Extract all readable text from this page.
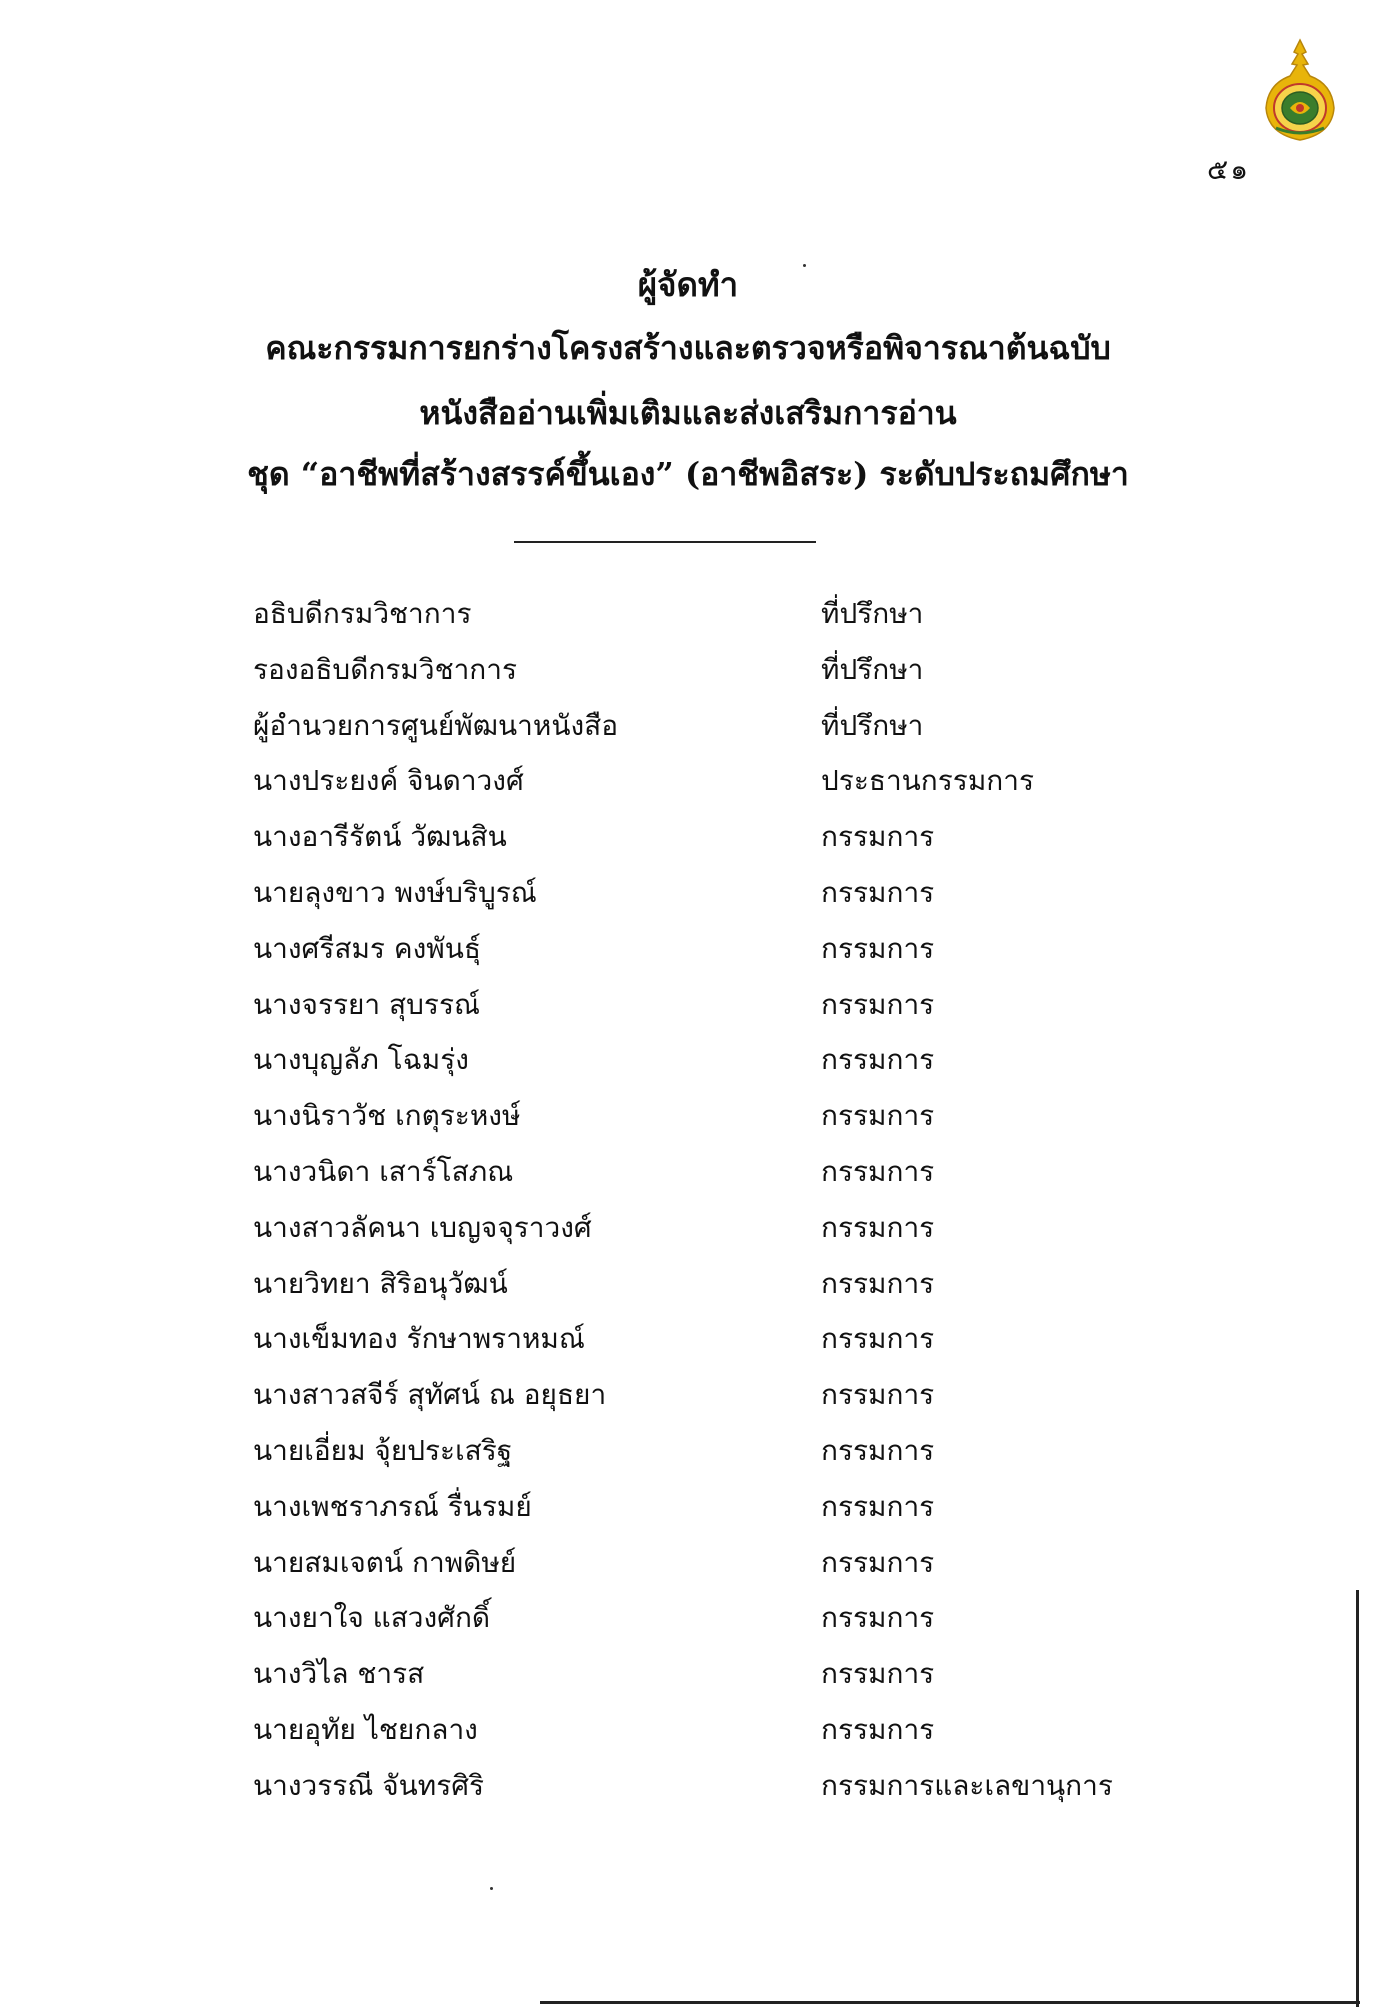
๕๑
ผู้จัดทำ
คณะกรรมการยกร่างโครงสร้างและตรวจหรือพิจารณาต้นฉบับ
หนังสืออ่านเพิ่มเติมและส่งเสริมการอ่าน
ชุด “อาชีพที่สร้างสรรค์ขึ้นเอง” (อาชีพอิสระ) ระดับประถมศึกษา
อธิบดีกรมวิชาการ	ที่ปรึกษา
รองอธิบดีกรมวิชาการ	ที่ปรึกษา
ผู้อำนวยการศูนย์พัฒนาหนังสือ	ที่ปรึกษา
นางประยงค์ จินดาวงศ์	ประธานกรรมการ
นางอารีรัตน์ วัฒนสิน	กรรมการ
นายลุงขาว พงษ์บริบูรณ์	กรรมการ
นางศรีสมร คงพันธุ์	กรรมการ
นางจรรยา สุบรรณ์	กรรมการ
นางบุญลัภ โฉมรุ่ง	กรรมการ
นางนิราวัช เกตุระหงษ์	กรรมการ
นางวนิดา เสาร์โสภณ	กรรมการ
นางสาวลัคนา เบญจจุราวงศ์	กรรมการ
นายวิทยา สิริอนุวัฒน์	กรรมการ
นางเข็มทอง รักษาพราหมณ์	กรรมการ
นางสาวสจีร์ สุทัศน์ ณ อยุธยา	กรรมการ
นายเอี่ยม จุ้ยประเสริฐ	กรรมการ
นางเพชราภรณ์ รื่นรมย์	กรรมการ
นายสมเจตน์ กาพดิษย์	กรรมการ
นางยาใจ แสวงศักดิ์	กรรมการ
นางวิไล ชารส	กรรมการ
นายอุทัย ไชยกลาง	กรรมการ
นางวรรณี จันทรศิริ	กรรมการและเลขานุการ
